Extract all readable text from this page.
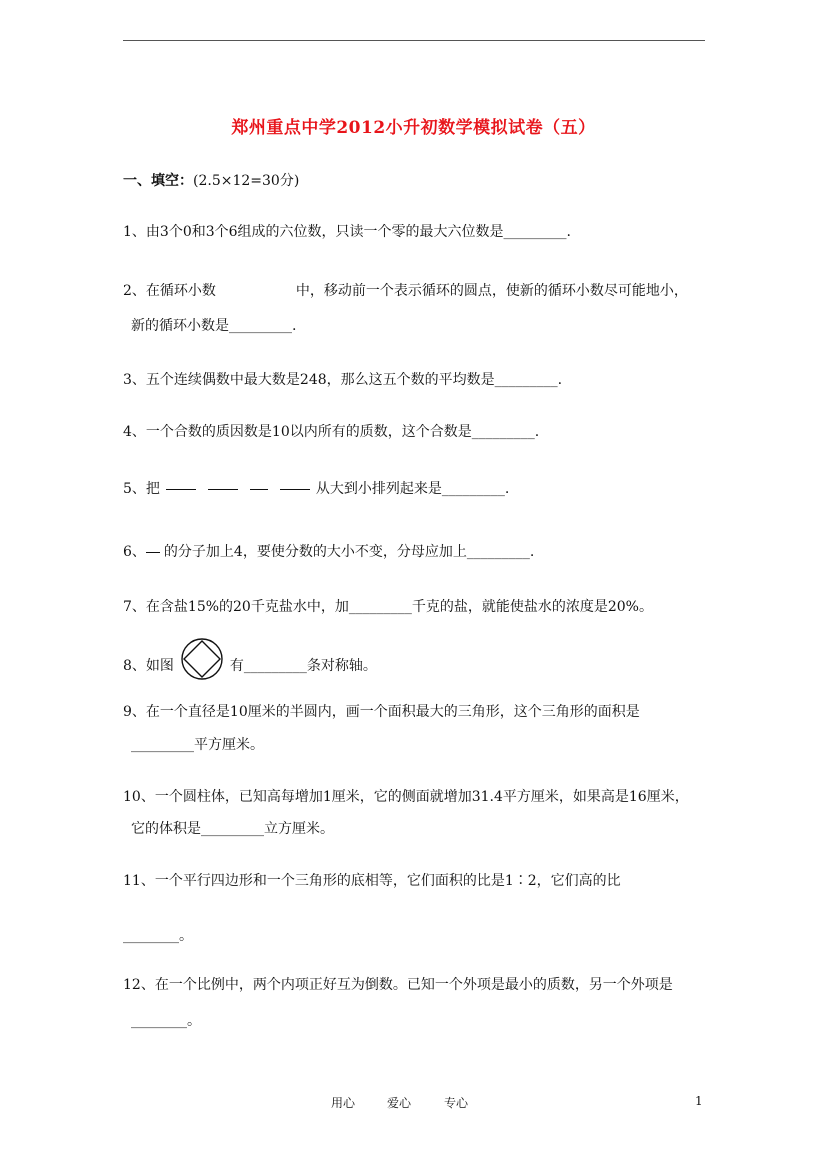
郑州重点中学2012小升初数学模拟试卷（五）
一、填空：(2.5×12=30分)
1、由3个0和3个6组成的六位数，只读一个零的最大六位数是_________.
2、在循环小数	中，移动前一个表示循环的圆点，使新的循环小数尽可能地小，
新的循环小数是_________.
3、五个连续偶数中最大数是248，那么这五个数的平均数是_________.
4、一个合数的质因数是10以内所有的质数，这个合数是_________.
5、把	从大到小排列起来是_________.
6、 的分子加上4，要使分数的大小不变，分母应加上_________.
7、在含盐15%的20千克盐水中，加_________千克的盐，就能使盐水的浓度是20%。
8、如图	有_________条对称轴。
9、在一个直径是10厘米的半圆内，画一个面积最大的三角形，这个三角形的面积是
_________平方厘米。
10、一个圆柱体，已知高每增加1厘米，它的侧面就增加31.4平方厘米，如果高是16厘米，
它的体积是_________立方厘米。
11、一个平行四边形和一个三角形的底相等，它们面积的比是1∶2，它们高的比
________。
12、在一个比例中，两个内项正好互为倒数。已知一个外项是最小的质数，另一个外项是
________。
用心	爱心	专心	1
